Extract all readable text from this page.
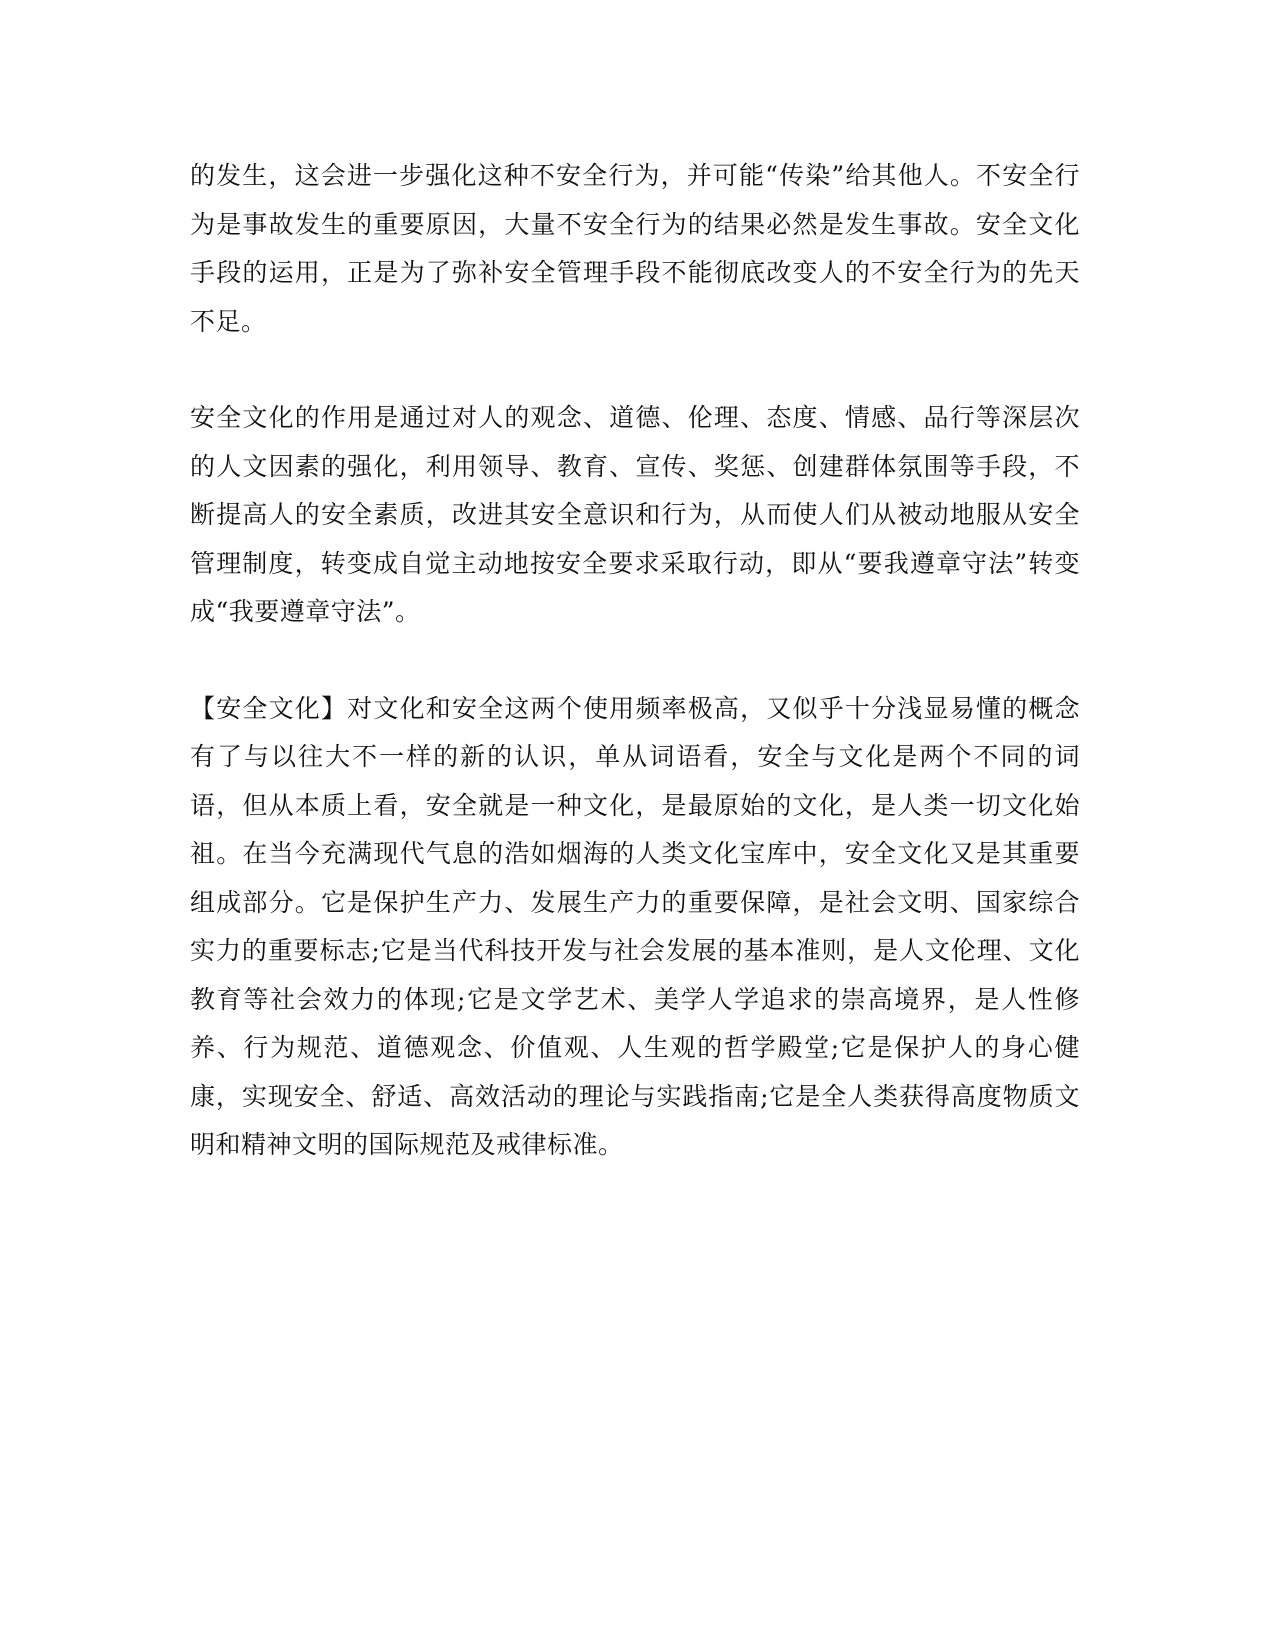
的发生，这会进一步强化这种不安全行为，并可能“传染”给其他人。不安全行为是事故发生的重要原因，大量不安全行为的结果必然是发生事故。安全文化手段的运用，正是为了弥补安全管理手段不能彻底改变人的不安全行为的先天不足。

安全文化的作用是通过对人的观念、道德、伦理、态度、情感、品行等深层次的人文因素的强化，利用领导、教育、宣传、奖惩、创建群体氛围等手段，不断提高人的安全素质，改进其安全意识和行为，从而使人们从被动地服从安全管理制度，转变成自觉主动地按安全要求采取行动，即从“要我遵章守法”转变成“我要遵章守法”。

【安全文化】对文化和安全这两个使用频率极高，又似乎十分浅显易懂的概念有了与以往大不一样的新的认识，单从词语看，安全与文化是两个不同的词语，但从本质上看，安全就是一种文化，是最原始的文化，是人类一切文化始祖。在当今充满现代气息的浩如烟海的人类文化宝库中，安全文化又是其重要组成部分。它是保护生产力、发展生产力的重要保障，是社会文明、国家综合实力的重要标志;它是当代科技开发与社会发展的基本准则，是人文伦理、文化教育等社会效力的体现;它是文学艺术、美学人学追求的崇高境界，是人性修养、行为规范、道德观念、价值观、人生观的哲学殿堂;它是保护人的身心健康，实现安全、舒适、高效活动的理论与实践指南;它是全人类获得高度物质文明和精神文明的国际规范及戒律标准。
